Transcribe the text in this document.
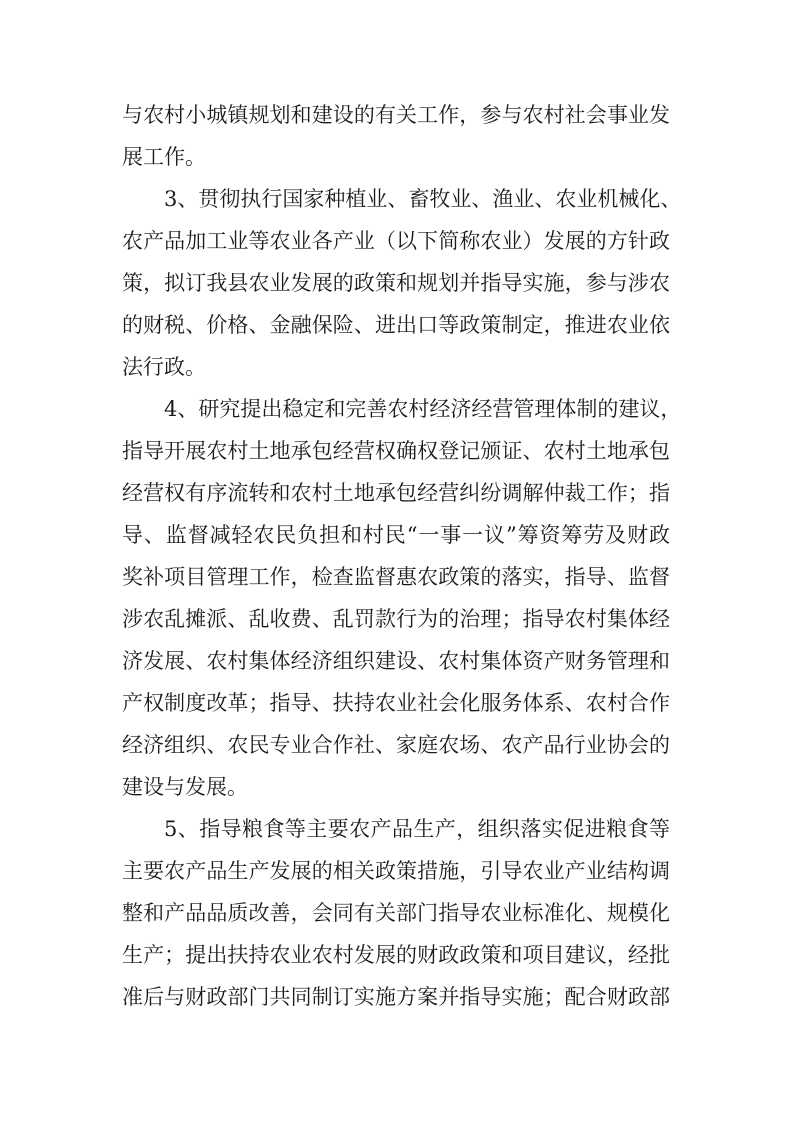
与农村小城镇规划和建设的有关工作，参与农村社会事业发
展工作。
3、贯彻执行国家种植业、畜牧业、渔业、农业机械化、
农产品加工业等农业各产业（以下简称农业）发展的方针政
策，拟订我县农业发展的政策和规划并指导实施，参与涉农
的财税、价格、金融保险、进出口等政策制定，推进农业依
法行政。
4、研究提出稳定和完善农村经济经营管理体制的建议，
指导开展农村土地承包经营权确权登记颁证、农村土地承包
经营权有序流转和农村土地承包经营纠纷调解仲裁工作；指
导、监督减轻农民负担和村民“一事一议”筹资筹劳及财政
奖补项目管理工作，检查监督惠农政策的落实，指导、监督
涉农乱摊派、乱收费、乱罚款行为的治理；指导农村集体经
济发展、农村集体经济组织建设、农村集体资产财务管理和
产权制度改革；指导、扶持农业社会化服务体系、农村合作
经济组织、农民专业合作社、家庭农场、农产品行业协会的
建设与发展。
5、指导粮食等主要农产品生产，组织落实促进粮食等
主要农产品生产发展的相关政策措施，引导农业产业结构调
整和产品品质改善，会同有关部门指导农业标准化、规模化
生产；提出扶持农业农村发展的财政政策和项目建议，经批
准后与财政部门共同制订实施方案并指导实施；配合财政部
